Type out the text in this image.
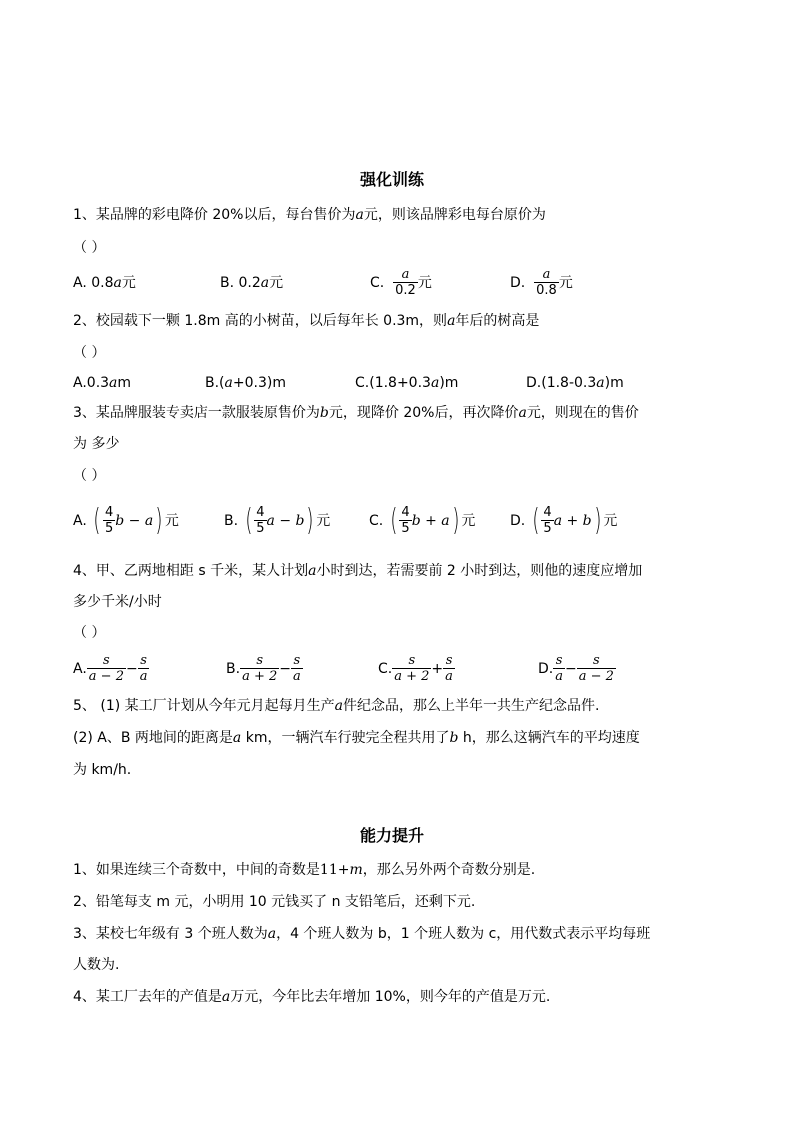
强化训练
1、某品牌的彩电降价 20%以后，每台售价为a元，则该品牌彩电每台原价为
（ ）
A. 0.8 a 元	B. 0.2 a 元	C.
$\frac{a}{0.2}$ 元	D.
$\frac{a}{0.8}$ 元
2、校园载下一颗 1.8m 高的小树苗，以后每年长 0.3m，则a年后的树高是
（ ）
A.0.3am	B.(a+0.3)m	C.(1.8+0.3a)m	D.(1.8-0.3a)m
3、某品牌服装专卖店一款服装原售价为b元，现降价 20%后，再次降价a元，则现在的售价
为 多少
（ ）
A.
( $\frac{4}{5}$ b − a ) 元	B.
( $\frac{4}{5}$ a − b ) 元	C.
( $\frac{4}{5}$ b + a ) 元 D.
( $\frac{4}{5}$ a + b ) 元
4、甲、乙两地相距 s 千米，某人计划a小时到达，若需要前 2 小时到达，则他的速度应增加
多少千米/小时
（ ）
A. $\frac{s}{a - 2} - \frac{s}{a}$	B. $\frac{s}{a + 2} - \frac{s}{a}$	C. $\frac{s}{a + 2} + \frac{s}{a}$	D. $\frac{s}{a} - \frac{s}{a - 2}$
5、 (1) 某工厂计划从今年元月起每月生产a件纪念品，那么上半年一共生产纪念品件.
(2) A、B 两地间的距离是a km，一辆汽车行驶完全程共用了b h，那么这辆汽车的平均速度
为 km/h.
能力提升
1、如果连续三个奇数中，中间的奇数是11+m，那么另外两个奇数分别是.
2、铅笔每支 m 元，小明用 10 元钱买了 n 支铅笔后，还剩下元.
3、某校七年级有 3 个班人数为a，4 个班人数为 b，1 个班人数为 c，用代数式表示平均每班
人数为.
4、某工厂去年的产值是a万元，今年比去年增加 10%，则今年的产值是万元.
